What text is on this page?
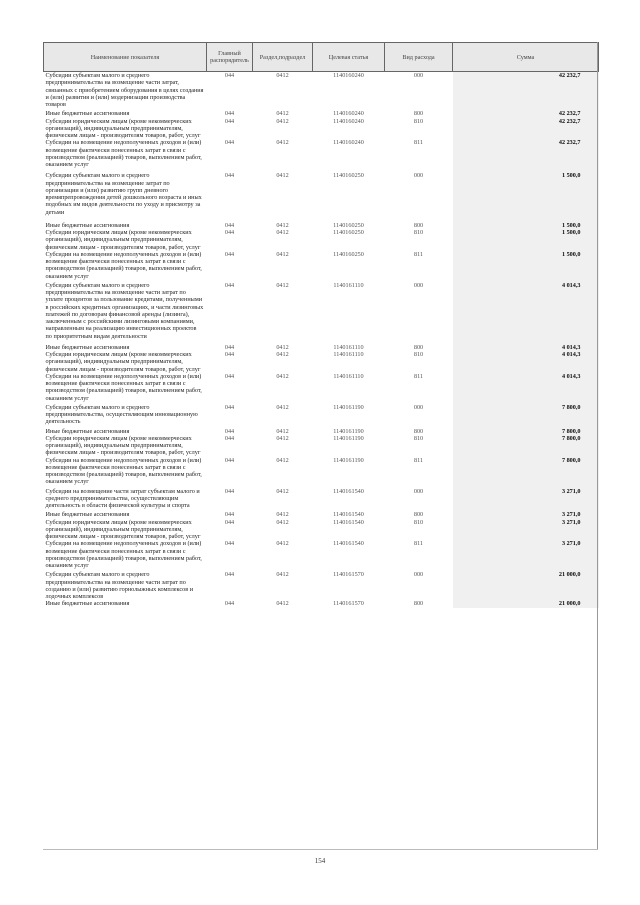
Наименование показателя	Главный распорядитель	Раздел,подраздел	Целевая статья	Вид расхода	Сумма
Субсидии субъектам малого и среднего предпринимательства на возмещение части затрат, связанных с приобретением оборудования в целях создания и (или) развития и (или) модернизации производства товаров	044	0412	1140160240	000	42 232,7
Иные бюджетные ассигнования	044	0412	1140160240	800	42 232,7
Субсидии юридическим лицам (кроме некоммерческих организаций), индивидуальным предпринимателям, физическим лицам - производителям товаров, работ, услуг	044	0412	1140160240	810	42 232,7
Субсидии на возмещение недополученных доходов и (или) возмещение фактически понесенных затрат в связи с производством (реализацией) товаров, выполнением работ, оказанием услуг	044	0412	1140160240	811	42 232,7
Субсидии субъектам малого и среднего предпринимательства на возмещение затрат по организации и (или) развитию групп дневного времяпрепровождения детей дошкольного возраста и иных подобных им видов деятельности по уходу и присмотру за детьми	044	0412	1140160250	000	1 500,0
Иные бюджетные ассигнования	044	0412	1140160250	800	1 500,0
Субсидии юридическим лицам (кроме некоммерческих организаций), индивидуальным предпринимателям, физическим лицам - производителям товаров, работ, услуг	044	0412	1140160250	810	1 500,0
Субсидии на возмещение недополученных доходов и (или) возмещение фактически понесенных затрат в связи с производством (реализацией) товаров, выполнением работ, оказанием услуг	044	0412	1140160250	811	1 500,0
Субсидии субъектам малого и среднего предпринимательства на возмещение части затрат по уплате процентов за пользование кредитами, полученными в российских кредитных организациях, и части лизинговых платежей по договорам финансовой аренды (лизинга), заключенным с российскими лизинговыми компаниями, направленным на реализацию инвестиционных проектов по приоритетным видам деятельности	044	0412	1140161110	000	4 014,3
Иные бюджетные ассигнования	044	0412	1140161110	800	4 014,3
Субсидии юридическим лицам (кроме некоммерческих организаций), индивидуальным предпринимателям, физическим лицам - производителям товаров, работ, услуг	044	0412	1140161110	810	4 014,3
Субсидии на возмещение недополученных доходов и (или) возмещение фактически понесенных затрат в связи с производством (реализацией) товаров, выполнением работ, оказанием услуг	044	0412	1140161110	811	4 014,3
Субсидии субъектам малого и среднего предпринимательства, осуществляющим инновационную деятельность	044	0412	1140161190	000	7 800,0
Иные бюджетные ассигнования	044	0412	1140161190	800	7 800,0
Субсидии юридическим лицам (кроме некоммерческих организаций), индивидуальным предпринимателям, физическим лицам - производителям товаров, работ, услуг	044	0412	1140161190	810	7 800,0
Субсидии на возмещение недополученных доходов и (или) возмещение фактически понесенных затрат в связи с производством (реализацией) товаров, выполнением работ, оказанием услуг	044	0412	1140161190	811	7 800,0
Субсидии на возмещение части затрат субъектам малого и среднего предпринимательства, осуществляющим деятельность в области физической культуры и спорта	044	0412	1140161540	000	3 271,0
Иные бюджетные ассигнования	044	0412	1140161540	800	3 271,0
Субсидии юридическим лицам (кроме некоммерческих организаций), индивидуальным предпринимателям, физическим лицам - производителям товаров, работ, услуг	044	0412	1140161540	810	3 271,0
Субсидии на возмещение недополученных доходов и (или) возмещение фактически понесенных затрат в связи с производством (реализацией) товаров, выполнением работ, оказанием услуг	044	0412	1140161540	811	3 271,0
Субсидии субъектам малого и среднего предпринимательства на возмещение части затрат по созданию и (или) развитию горнолыжных комплексов и лодочных комплексов	044	0412	1140161570	000	21 000,0
Иные бюджетные ассигнования	044	0412	1140161570	800	21 000,0
154
